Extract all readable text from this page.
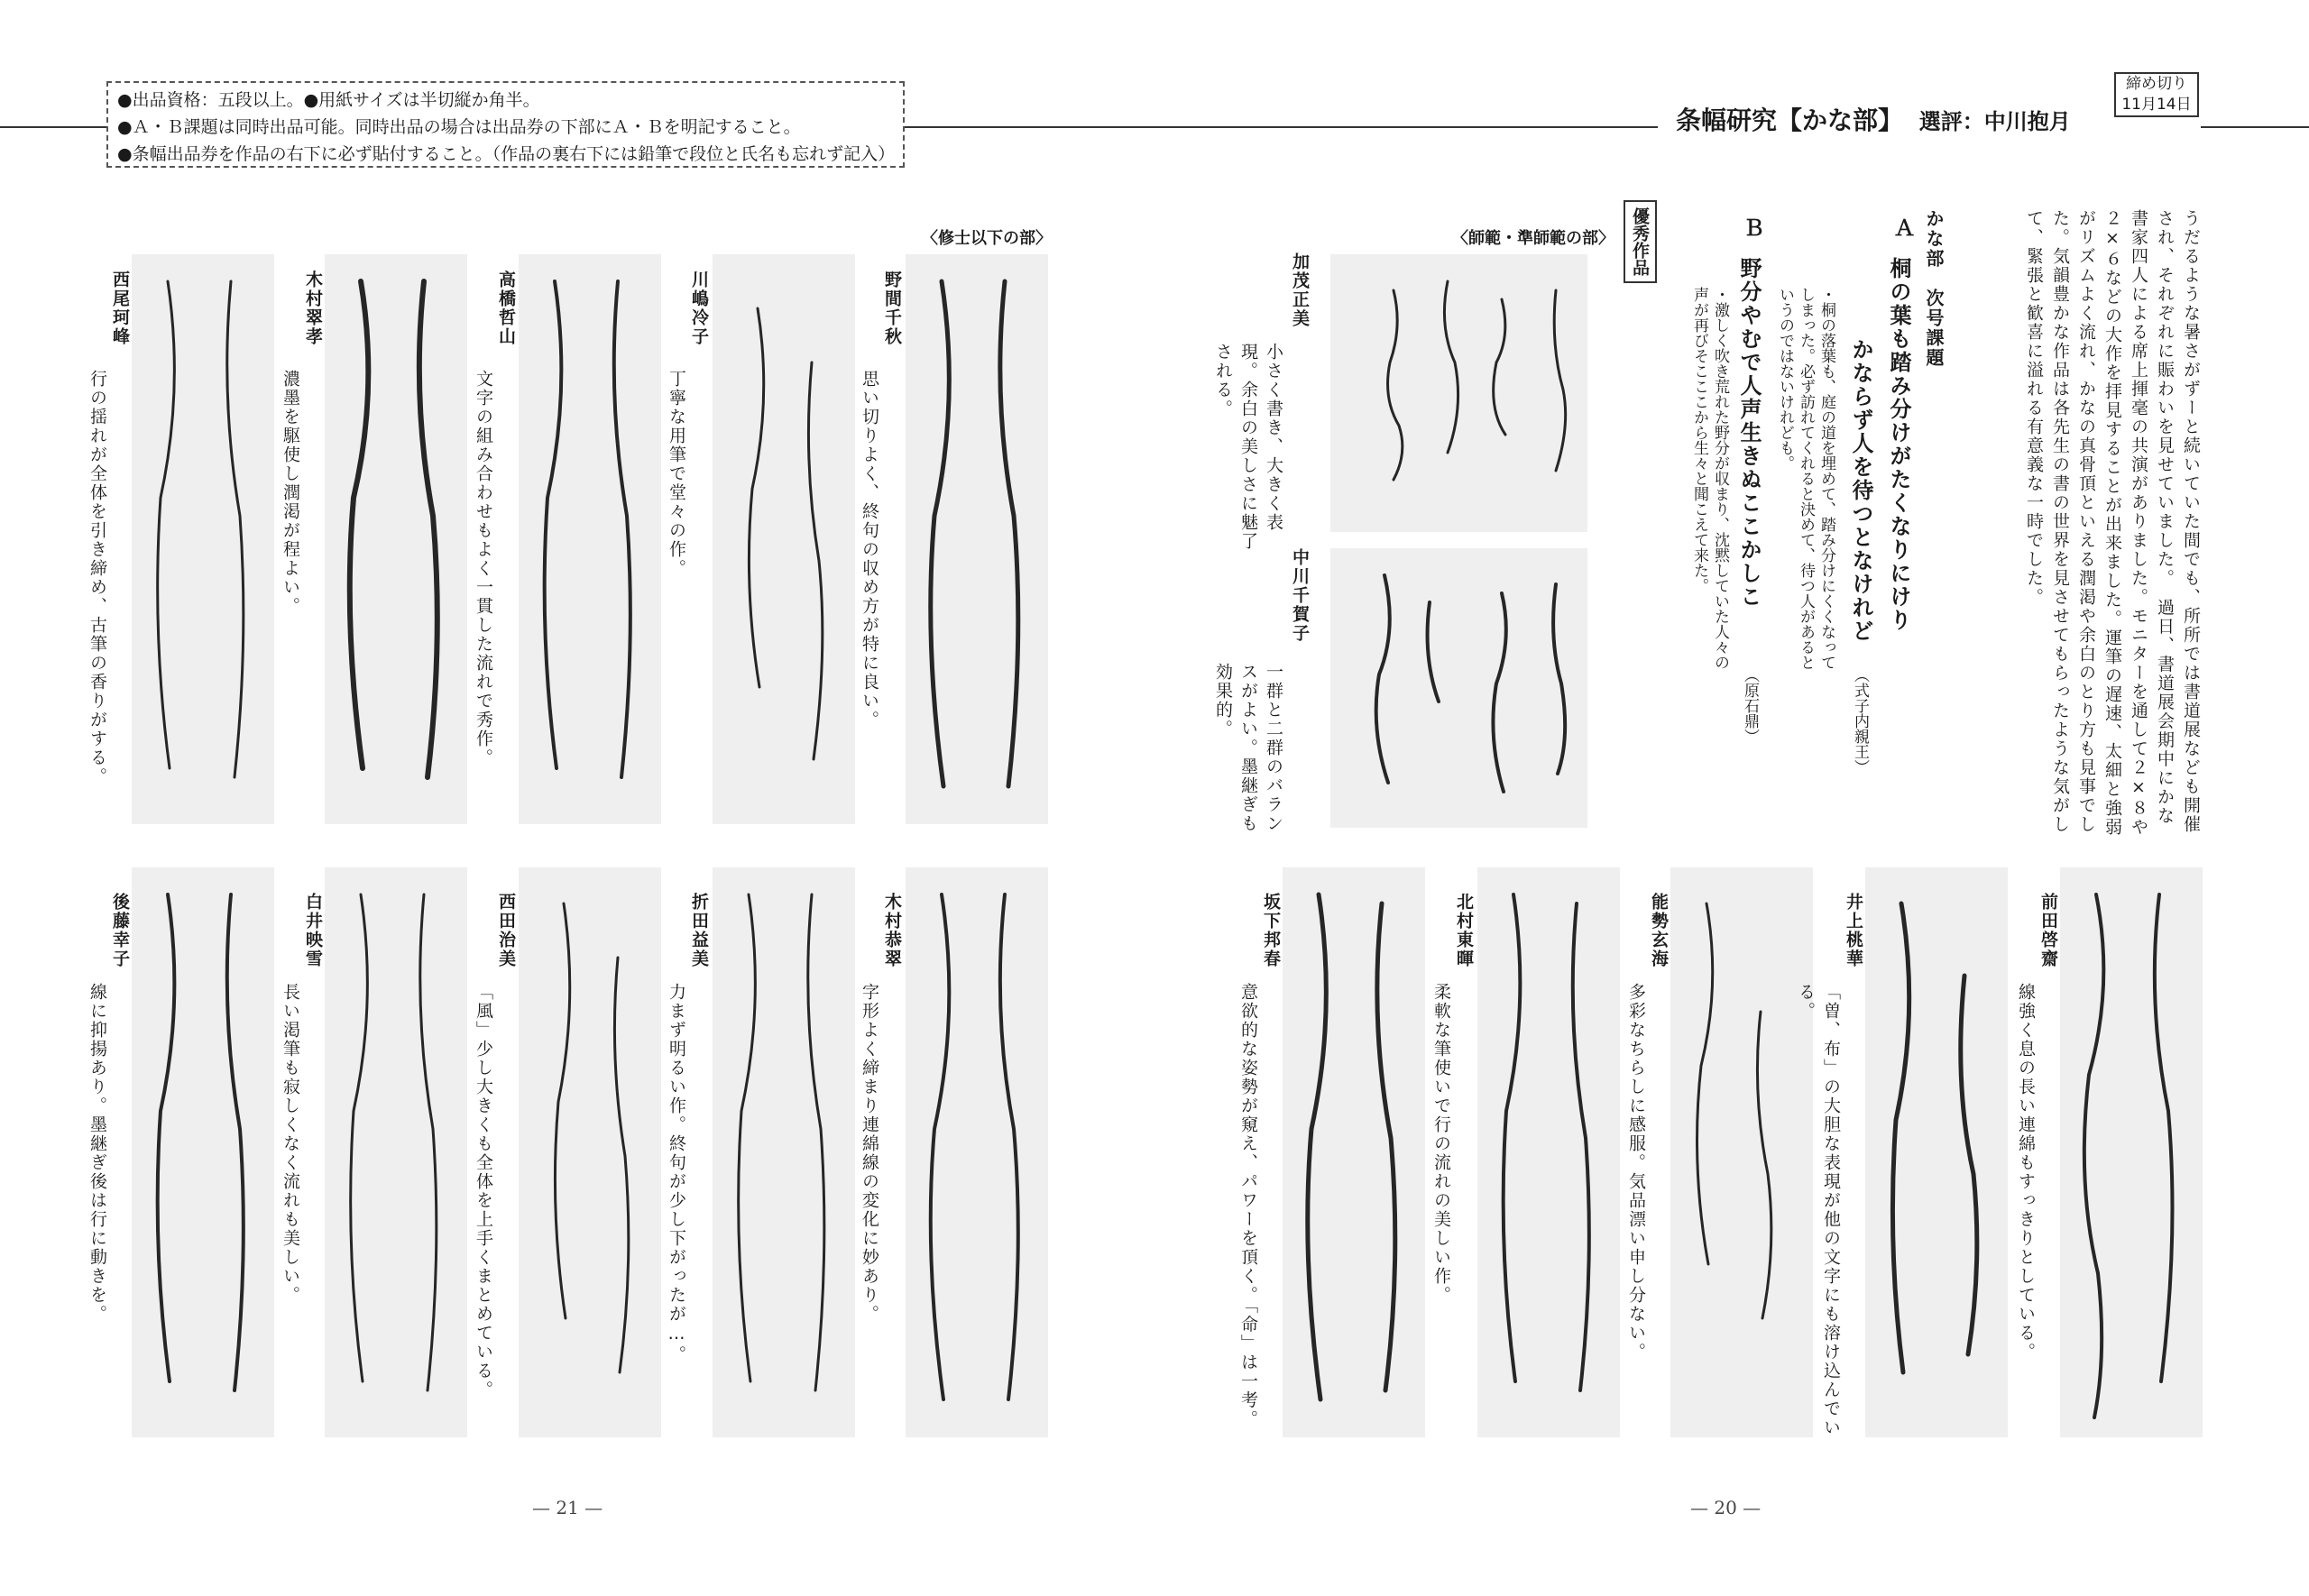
●出品資格：五段以上。●用紙サイズは半切縦か角半。
●Ａ・Ｂ課題は同時出品可能。同時出品の場合は出品券の下部にＡ・Ｂを明記すること。
●条幅出品券を作品の右下に必ず貼付すること。（作品の裏右下には鉛筆で段位と氏名も忘れず記入）
条幅研究【かな部】 選評：中川抱月
締め切り
11月14日
うだるような暑さがずーと続いていた間でも、所所では書道展なども開催され、それぞれに賑わいを見せていました。　過日、書道展会期中にかな書家四人による席上揮毫の共演がありました。モニターを通して２×８や２×６などの大作を拝見することが出来ました。運筆の遅速、太細と強弱がリズムよく流れ、かなの真骨頂といえる潤渇や余白のとり方も見事でした。気韻豊かな作品は各先生の書の世界を見させてもらったような気がして、緊張と歓喜に溢れる有意義な一時でした。
かな部　次号課題
Ａ
桐の葉も踏み分けがたくなりにけり
かならず人を待つとなけれど
（式子内親王）
・桐の落葉も、庭の道を埋めて、踏み分けにくくなってしまった。必ず訪れてくれると決めて、待つ人があるというのではないけれども。
Ｂ
野分やむで人声生きぬここかしこ
（原石鼎）
・激しく吹き荒れた野分が収まり、沈黙していた人々の声が再びそこここから生々と聞こえて来た。
優秀作品
〈師範・準師範の部〉
〈修士以下の部〉
加茂正美
小さく書き、大きく表現。余白の美しさに魅了される。
中川千賀子
一群と二群のバランスがよい。墨継ぎも効果的。
前田啓齋
線強く息の長い連綿もすっきりとしている。
井上桃華
「曽、布」の大胆な表現が他の文字にも溶け込んでいる。
能勢玄海
多彩なちらしに感服。気品漂い申し分ない。
北村東暉
柔軟な筆使いで行の流れの美しい作。
坂下邦春
意欲的な姿勢が窺え、パワーを頂く。「命」は一考。
野間千秋
思い切りよく、終句の収め方が特に良い。
川嶋冷子
丁寧な用筆で堂々の作。
高橋哲山
文字の組み合わせもよく一貫した流れで秀作。
木村翠孝
濃墨を駆使し潤渇が程よい。
西尾珂峰
行の揺れが全体を引き締め、古筆の香りがする。
木村恭翠
字形よく締まり連綿線の変化に妙あり。
折田益美
力まず明るい作。終句が少し下がったが…。
西田治美
「風」少し大きくも全体を上手くまとめている。
白井映雪
長い渇筆も寂しくなく流れも美しい。
後藤幸子
線に抑揚あり。墨継ぎ後は行に動きを。
— 21 —	— 20 —
